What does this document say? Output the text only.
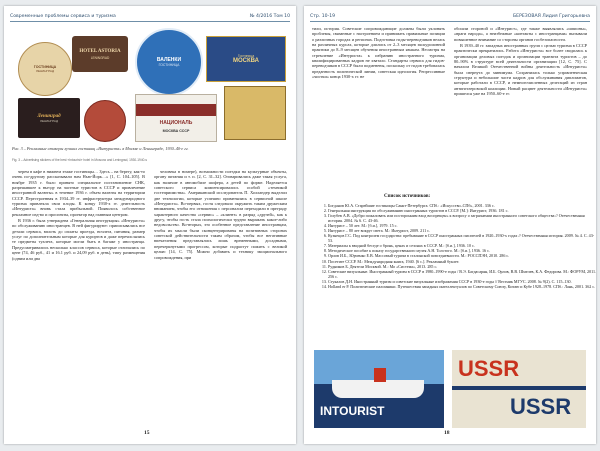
Современные проблемы сервиса и туризма	№ 4/2016 Том 10
HOTEL ASTORIA
LENINGRAD
ГОСТИНИЦА
ЛЕНИНГРАД
ВАЛЕНКИ
ГОСТИНИЦА
Гостиница
МОСКВА
Ленинград
ЛЕНИНГРАД	НАЦИОНАЛЬ
МОСКВА СССР
Рис. 3 – Рекламные стикеры лучших гостиниц «Интуриста» в Москве и Ленинграде, 1930–40-е гг.
Fig. 3 – Advertising stickers of the best «Intourist» hotel in Moscow and Leningrad, 1930-1940-s

черем в кафе в нижнем этаже гостиницы… Здесь – на берегу, как-то очень по-другому рассказывали нам Нью-Йорк…» [1, С. 104–105]. В ноябре 1935 г. было принято специальное постановление СНК, разрешавшее к въезду на частные туристов в СССР и привлечение иностранной валюты» в течение 1936 г. объем валюты на территории СССР. Перестроенная в 1934–39 гг. инфраструктура международного туризма привлекла свои плоды. К концу 1930-х гг. деятельность «Интуриста» вновь стала прибыльной. Появилось собственное рекламное изд-во и проспекты, проектор над главным центром.

В 1936 г. была утверждена «Генеральная инструкция» «Интуриста» по обслуживанию иностранцев. В ней фигурируют: приписывались все детали сервиса, вплоть до оплаты проезда, ночлега, питания, размер услуг по дополнительным которые для курортов и даже перечислялись те предметы туалета, которые могли быть в багаже у иностранца. Предусматривались несколько классов сервиса, которые отличались по цене (74, 46 руб., 41 и 16.1 руб. и 24,09 руб. в день), типу размещения (одним или два

человека в номере), возможности поездки на культурные объекты, органу питания и т. п. [2, С. 31–32]. Оговаривались даже такая услуга, как наличие в автомобиле шофера, а детей по форме. Наделяется советского сервиса компенсировались особой «техникой гостеприимства». Американский исследователь П. Холландер выделил две технологии, которые успешно применялись в сервисной школе «Интуриста». Во-первых, гостя следовало окружить таким дружеским вниманием, чтобы его отношения с персоналом переходили в преграду характерного качества «сервис» – «клиент» в разряд «друзей», как к другу, чтобы гость стала психологически трудно выражать какое-либо недовольство. Во-вторых, это особенное представление иностранцам, чтобы их мысли были сконцентрированы на позитивных сторонах советской действительности таким образом, чтобы все негативные впечатления представлялись лишь временными, досадными, перечеркнутыми прогрессом, которые подрастут пожить с великой целью [14, С. 75]. Можно добавить и технику эмоционального сопровождения, при

15
Стр. 10-19	БЕРЕЗОВАЯ Лидия Григорьевна

тили, история. Советские сопровождающие должны были уклонять проблемы, связанные с настроением и принимать правильные позиции о различных городах и регионах. Подготовка гиды-переводчиков велась на различных курсах, которые длились от 2–3 месяцев экскурсионной практики до 8–9 месяцев обучения иностранным языкам. Несмотря на стремление «Интуриста» к избранию иностранного туризма, квалифицированных кадров не хватало. Стандарты сервиса для гидов-переводчиков в СССР были подменены, поскольку от гидов требовалась преданность политической линии, советская идеология. Репрессивные «чистки» конца 1930-х гг. не

обошли стороной и «Интурист», где также выявлялись «шпионы», «враги народа», а неизбежные «контакты с иностранцами» вызывали повышенное внимание со стороны органов госбезопасности.

В 1939–40 гг. западных иностранных групп с целью туризма в СССР практически прекратились. Работа «Интуриста» все более сводилась к организации деловых поездок и организации транзита туристов – до 80–90% в структуре всей деятельности организации [12, С. 75]. С началом Великой Отечественной войны деятельность «Интуриста» была свернута до минимума. Сохранилась только управленческая структура и небольшие части кадров для обслуживания дипломатов, которые работали в СССР, и немногочисленных делегаций из стран антигитлеровской коалиции. Новый расцвет деятельности «Интуриста» пришелся уже на 1950–60-е гг.

Список источников:
1. Богданов Ю.А. Старейшие гостиницы Санкт-Петербурга. СПб.: «Искусство–СПб», 2001. 336 с.
2. Генеральная инструкция по обслуживанию иностранных туристов в СССР. [М.]: Интурист, 1936. 181 с.
3. Голубев А.В. «Добро пожаловать или посторонним вход воспрещен» к вопросу о загрязнении иностранного советского общества // Отечественная история. 2004. № 6. С. 43-46.
4. Интурист – 50 лет. М.: [б.и.], 1979. 15 с.
5. Интурист – 80 лет вокруг света. М.: Интурист, 2009. 211 с.
6. Кузнецов Г.С. Под контролем государства: пребывание в СССР иностранных писателей в 1920–1930-х годах // Отечественная история. 2009. № 4. С. 43-53.
7. Материалы к вводной беседе о бронь, ценах и сезонах в СССР. М.: [б.и.], 1936. 10 с.
8. Методическое пособие к показу государственного музея А.Н. Толстого. М.: [б.и.], 1936. 16 с.
9. Орлов И.Б., Юрченко Е.В. Массовый туризм в сталинской повседневности. М.: РОССПЭН, 2010. 286 с.
10. Посетите СССР. М.: Международная книга, 1940. [6 с.]. Рекламный буклет.
11. Рудников Б. Деятели Москвой. М.: Мо «Система», 2013. 285 с.
12. Советские визуальные. Иностранный туризм в СССР в 1980–1990-е годы / В.Э. Багдасарян, И.Б. Орлов, В.В. Шмелев, К.А. Федорова. М.: ФОРУМ, 2011. 256 с.
13. Стукалов Д.Н. Иностранный туризм и советские визуальные изображения СССР в 1930-е годы // Вестник МГУС. 2008. № 9(2). С. 115–130.
14. Holland er P. Политические паломники. Путешествия западных интеллектуалов по Советскому Союзу, Китаю и Кубе 1928–1978. СПб.: Лань, 2001. 362 с.
INTOURIST
USSR
USSR
18
